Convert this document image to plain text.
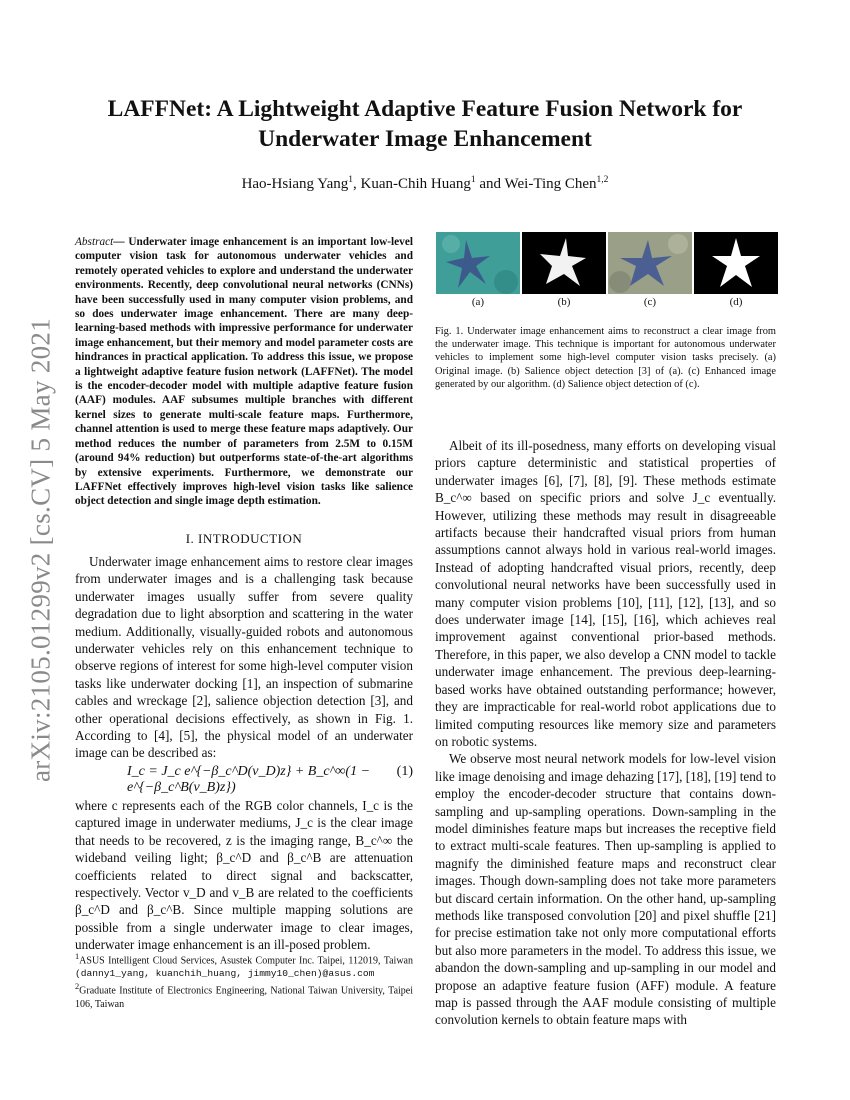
arXiv:2105.01299v2 [cs.CV] 5 May 2021
LAFFNet: A Lightweight Adaptive Feature Fusion Network for Underwater Image Enhancement
Hao-Hsiang Yang$^1$, Kuan-Chih Huang$^1$ and Wei-Ting Chen$^{1,2}$
Abstract— Underwater image enhancement is an important low-level computer vision task for autonomous underwater vehicles and remotely operated vehicles to explore and understand the underwater environments. Recently, deep convolutional neural networks (CNNs) have been successfully used in many computer vision problems, and so does underwater image enhancement. There are many deep-learning-based methods with impressive performance for underwater image enhancement, but their memory and model parameter costs are hindrances in practical application. To address this issue, we propose a lightweight adaptive feature fusion network (LAFFNet). The model is the encoder-decoder model with multiple adaptive feature fusion (AAF) modules. AAF subsumes multiple branches with different kernel sizes to generate multi-scale feature maps. Furthermore, channel attention is used to merge these feature maps adaptively. Our method reduces the number of parameters from 2.5M to 0.15M (around 94% reduction) but outperforms state-of-the-art algorithms by extensive experiments. Furthermore, we demonstrate our LAFFNet effectively improves high-level vision tasks like salience object detection and single image depth estimation.
I. INTRODUCTION

Underwater image enhancement aims to restore clear images from underwater images and is a challenging task because underwater images usually suffer from severe quality degradation due to light absorption and scattering in the water medium. Additionally, visually-guided robots and autonomous underwater vehicles rely on this enhancement technique to observe regions of interest for some high-level computer vision tasks like underwater docking [1], an inspection of submarine cables and wreckage [2], salience objection detection [3], and other operational decisions effectively, as shown in Fig. 1. According to [4], [5], the physical model of an underwater image can be described as:

I_c = J_c e^{−β_c^D(v_D)z} + B_c^∞(1 − e^{−β_c^B(v_B)z})
(1)

where c represents each of the RGB color channels, I_c is the captured image in underwater mediums, J_c is the clear image that needs to be recovered, z is the imaging range, B_c^∞ the wideband veiling light; β_c^D and β_c^B are attenuation coefficients related to direct signal and backscatter, respectively. Vector v_D and v_B are related to the coefficients β_c^D and β_c^B. Since multiple mapping solutions are possible from a single underwater image to clear images, underwater image enhancement is an ill-posed problem.

$^1$ASUS Intelligent Cloud Services, Asustek Computer Inc. Taipei, 112019, Taiwan (danny1_yang, kuanchih_huang, jimmy10_chen)@asus.com
$^2$Graduate Institute of Electronics Engineering, National Taiwan University, Taipei 106, Taiwan
(a)	(b)	(c)	(d)
Fig. 1. Underwater image enhancement aims to reconstruct a clear image from the underwater image. This technique is important for autonomous underwater vehicles to implement some high-level computer vision tasks precisely. (a) Original image. (b) Salience object detection [3] of (a). (c) Enhanced image generated by our algorithm. (d) Salience object detection of (c).

Albeit of its ill-posedness, many efforts on developing visual priors capture deterministic and statistical properties of underwater images [6], [7], [8], [9]. These methods estimate B_c^∞ based on specific priors and solve J_c eventually. However, utilizing these methods may result in disagreeable artifacts because their handcrafted visual priors from human assumptions cannot always hold in various real-world images. Instead of adopting handcrafted visual priors, recently, deep convolutional neural networks have been successfully used in many computer vision problems [10], [11], [12], [13], and so does underwater image [14], [15], [16], which achieves real improvement against conventional prior-based methods. Therefore, in this paper, we also develop a CNN model to tackle underwater image enhancement. The previous deep-learning-based works have obtained outstanding performance; however, they are impracticable for real-world robot applications due to limited computing resources like memory size and parameters on robotic systems.

We observe most neural network models for low-level vision like image denoising and image dehazing [17], [18], [19] tend to employ the encoder-decoder structure that contains down-sampling and up-sampling operations. Down-sampling in the model diminishes feature maps but increases the receptive field to extract multi-scale features. Then up-sampling is applied to magnify the diminished feature maps and reconstruct clear images. Though down-sampling does not take more parameters but discard certain information. On the other hand, up-sampling methods like transposed convolution [20] and pixel shuffle [21] for precise estimation take not only more computational efforts but also more parameters in the model. To address this issue, we abandon the down-sampling and up-sampling in our model and propose an adaptive feature fusion (AFF) module. A feature map is passed through the AAF module consisting of multiple convolution kernels to obtain feature maps with
